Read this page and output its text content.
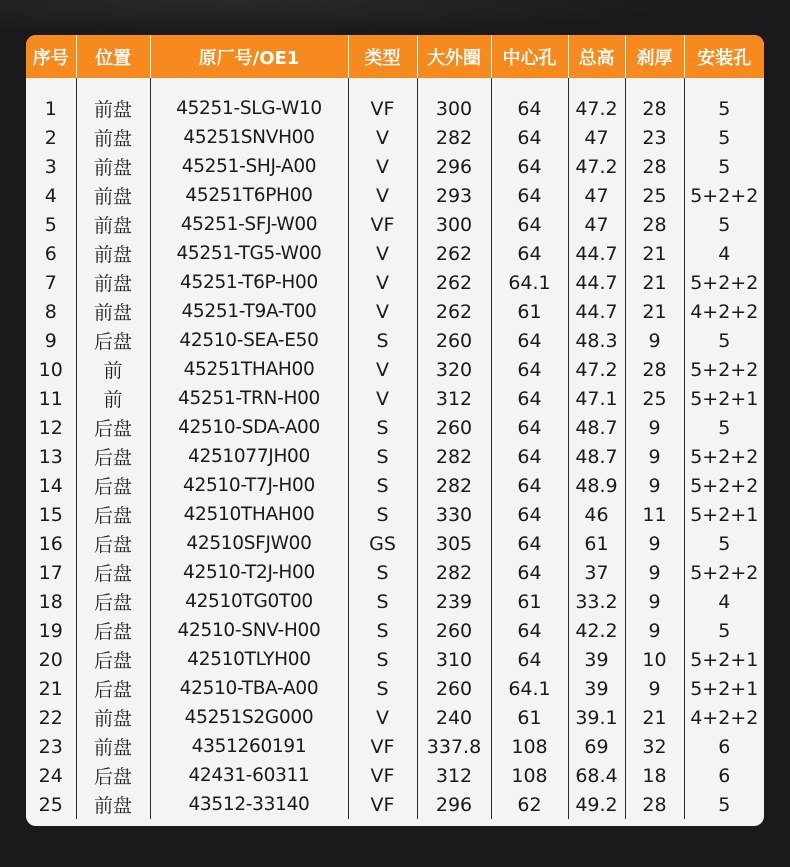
序号	位置	原厂号/OE1	类型	大外圈	中心孔	总高	刹厚	安装孔

1	前盘	45251-SLG-W10	VF	300	64	47.2	28	5
2	前盘	45251SNVH00	V	282	64	47	23	5
3	前盘	45251-SHJ-A00	V	296	64	47.2	28	5
4	前盘	45251T6PH00	V	293	64	47	25	5+2+2
5	前盘	45251-SFJ-W00	VF	300	64	47	28	5
6	前盘	45251-TG5-W00	V	262	64	44.7	21	4
7	前盘	45251-T6P-H00	V	262	64.1	44.7	21	5+2+2
8	前盘	45251-T9A-T00	V	262	61	44.7	21	4+2+2
9	后盘	42510-SEA-E50	S	260	64	48.3	9	5
10	前	45251THAH00	V	320	64	47.2	28	5+2+2
11	前	45251-TRN-H00	V	312	64	47.1	25	5+2+1
12	后盘	42510-SDA-A00	S	260	64	48.7	9	5
13	后盘	4251077JH00	S	282	64	48.7	9	5+2+2
14	后盘	42510-T7J-H00	S	282	64	48.9	9	5+2+2
15	后盘	42510THAH00	S	330	64	46	11	5+2+1
16	后盘	42510SFJW00	GS	305	64	61	9	5
17	后盘	42510-T2J-H00	S	282	64	37	9	5+2+2
18	后盘	42510TG0T00	S	239	61	33.2	9	4
19	后盘	42510-SNV-H00	S	260	64	42.2	9	5
20	后盘	42510TLYH00	S	310	64	39	10	5+2+1
21	后盘	42510-TBA-A00	S	260	64.1	39	9	5+2+1
22	前盘	45251S2G000	V	240	61	39.1	21	4+2+2
23	前盘	4351260191	VF	337.8	108	69	32	6
24	后盘	42431-60311	VF	312	108	68.4	18	6
25	前盘	43512-33140	VF	296	62	49.2	28	5
